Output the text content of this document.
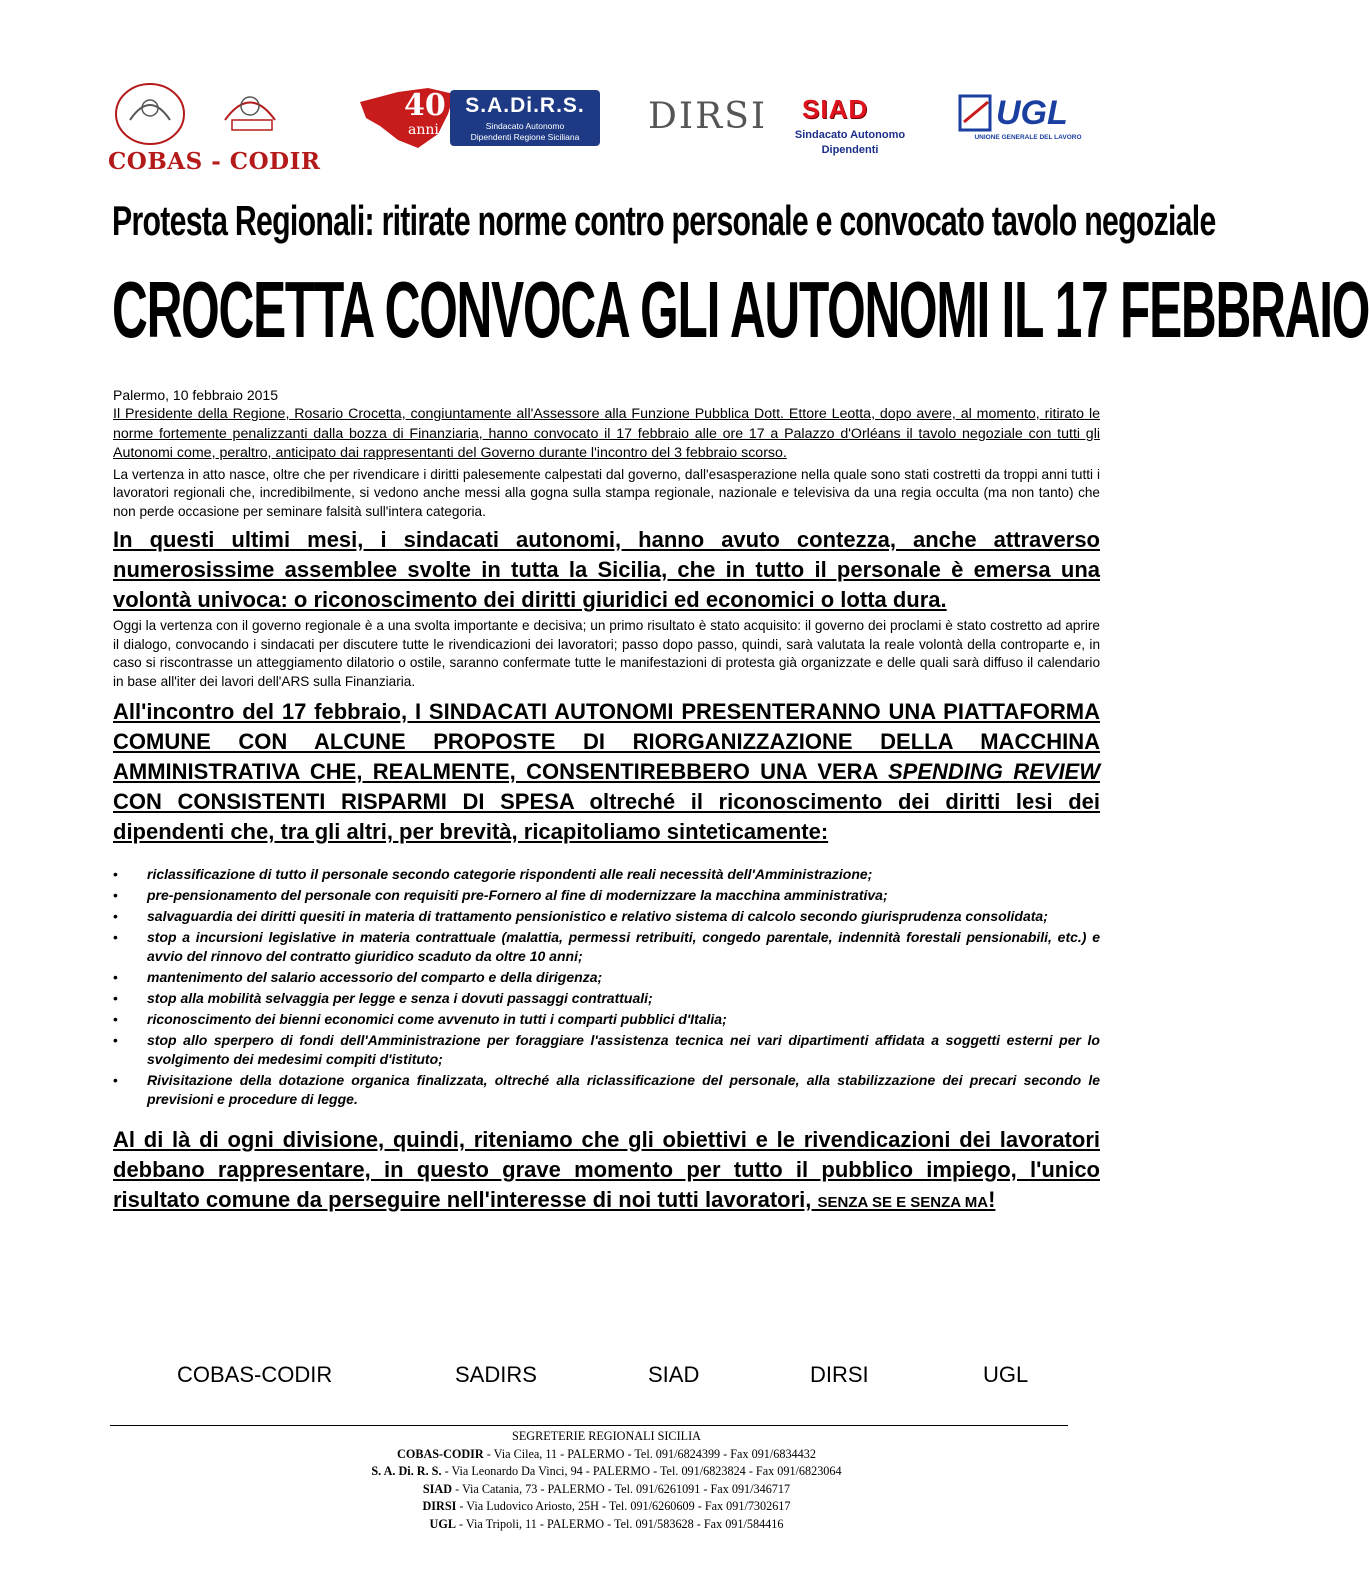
COBAS - CODIR
40
anni
S.A.Di.R.S.
Sindacato Autonomo
Dipendenti Regione Siciliana	DIRSI SIAD
Sindacato Autonomo
Dipendenti
UGL
UNIONE GENERALE DEL LAVORO
Protesta Regionali: ritirate norme contro personale e convocato tavolo negoziale
CROCETTA CONVOCA GLI AUTONOMI IL 17 FEBBRAIO
Palermo, 10 febbraio 2015
Il Presidente della Regione, Rosario Crocetta, congiuntamente all'Assessore alla Funzione Pubblica Dott. Ettore Leotta, dopo avere, al momento, ritirato le norme fortemente penalizzanti dalla bozza di Finanziaria, hanno convocato il 17 febbraio alle ore 17 a Palazzo d'Orléans il tavolo negoziale con tutti gli Autonomi come, peraltro, anticipato dai rappresentanti del Governo durante l'incontro del 3 febbraio scorso.
La vertenza in atto nasce, oltre che per rivendicare i diritti palesemente calpestati dal governo, dall'esasperazione nella quale sono stati costretti da troppi anni tutti i lavoratori regionali che, incredibilmente, si vedono anche messi alla gogna sulla stampa regionale, nazionale e televisiva da una regia occulta (ma non tanto) che non perde occasione per seminare falsità sull'intera categoria.
In questi ultimi mesi, i sindacati autonomi, hanno avuto contezza, anche attraverso numerosissime assemblee svolte in tutta la Sicilia, che in tutto il personale è emersa una volontà univoca: o riconoscimento dei diritti giuridici ed economici o lotta dura.
Oggi la vertenza con il governo regionale è a una svolta importante e decisiva; un primo risultato è stato acquisito: il governo dei proclami è stato costretto ad aprire il dialogo, convocando i sindacati per discutere tutte le rivendicazioni dei lavoratori; passo dopo passo, quindi, sarà valutata la reale volontà della controparte e, in caso si riscontrasse un atteggiamento dilatorio o ostile, saranno confermate tutte le manifestazioni di protesta già organizzate e delle quali sarà diffuso il calendario in base all'iter dei lavori dell'ARS sulla Finanziaria.
All'incontro del 17 febbraio, I SINDACATI AUTONOMI PRESENTERANNO UNA PIATTAFORMA COMUNE CON ALCUNE PROPOSTE DI RIORGANIZZAZIONE DELLA MACCHINA AMMINISTRATIVA CHE, REALMENTE, CONSENTIREBBERO UNA VERA SPENDING REVIEW CON CONSISTENTI RISPARMI DI SPESA oltreché il riconoscimento dei diritti lesi dei dipendenti che, tra gli altri, per brevità, ricapitoliamo sinteticamente:
• riclassificazione di tutto il personale secondo categorie rispondenti alle reali necessità dell'Amministrazione;
• pre-pensionamento del personale con requisiti pre-Fornero al fine di modernizzare la macchina amministrativa;
• salvaguardia dei diritti quesiti in materia di trattamento pensionistico e relativo sistema di calcolo secondo giurisprudenza consolidata;
• stop a incursioni legislative in materia contrattuale (malattia, permessi retribuiti, congedo parentale, indennità forestali pensionabili, etc.) e avvio del rinnovo del contratto giuridico scaduto da oltre 10 anni;
• mantenimento del salario accessorio del comparto e della dirigenza;
• stop alla mobilità selvaggia per legge e senza i dovuti passaggi contrattuali;
• riconoscimento dei bienni economici come avvenuto in tutti i comparti pubblici d'Italia;
• stop allo sperpero di fondi dell'Amministrazione per foraggiare l'assistenza tecnica nei vari dipartimenti affidata a soggetti esterni per lo svolgimento dei medesimi compiti d'istituto;
• Rivisitazione della dotazione organica finalizzata, oltreché alla riclassificazione del personale, alla stabilizzazione dei precari secondo le previsioni e procedure di legge.
Al di là di ogni divisione, quindi, riteniamo che gli obiettivi e le rivendicazioni dei lavoratori debbano rappresentare, in questo grave momento per tutto il pubblico impiego, l'unico risultato comune da perseguire nell'interesse di noi tutti lavoratori, SENZA SE E SENZA MA!
COBAS-CODIR	SADIRS	SIAD	DIRSI	UGL
SEGRETERIE REGIONALI SICILIA
COBAS-CODIR - Via Cilea, 11 - PALERMO - Tel. 091/6824399 - Fax 091/6834432
S. A. Di. R. S. - Via Leonardo Da Vinci, 94 - PALERMO - Tel. 091/6823824 - Fax 091/6823064
SIAD - Via Catania, 73 - PALERMO - Tel. 091/6261091 - Fax 091/346717
DIRSI - Via Ludovico Ariosto, 25H - Tel. 091/6260609 - Fax 091/7302617
UGL - Via Tripoli, 11 - PALERMO - Tel. 091/583628 - Fax 091/584416
